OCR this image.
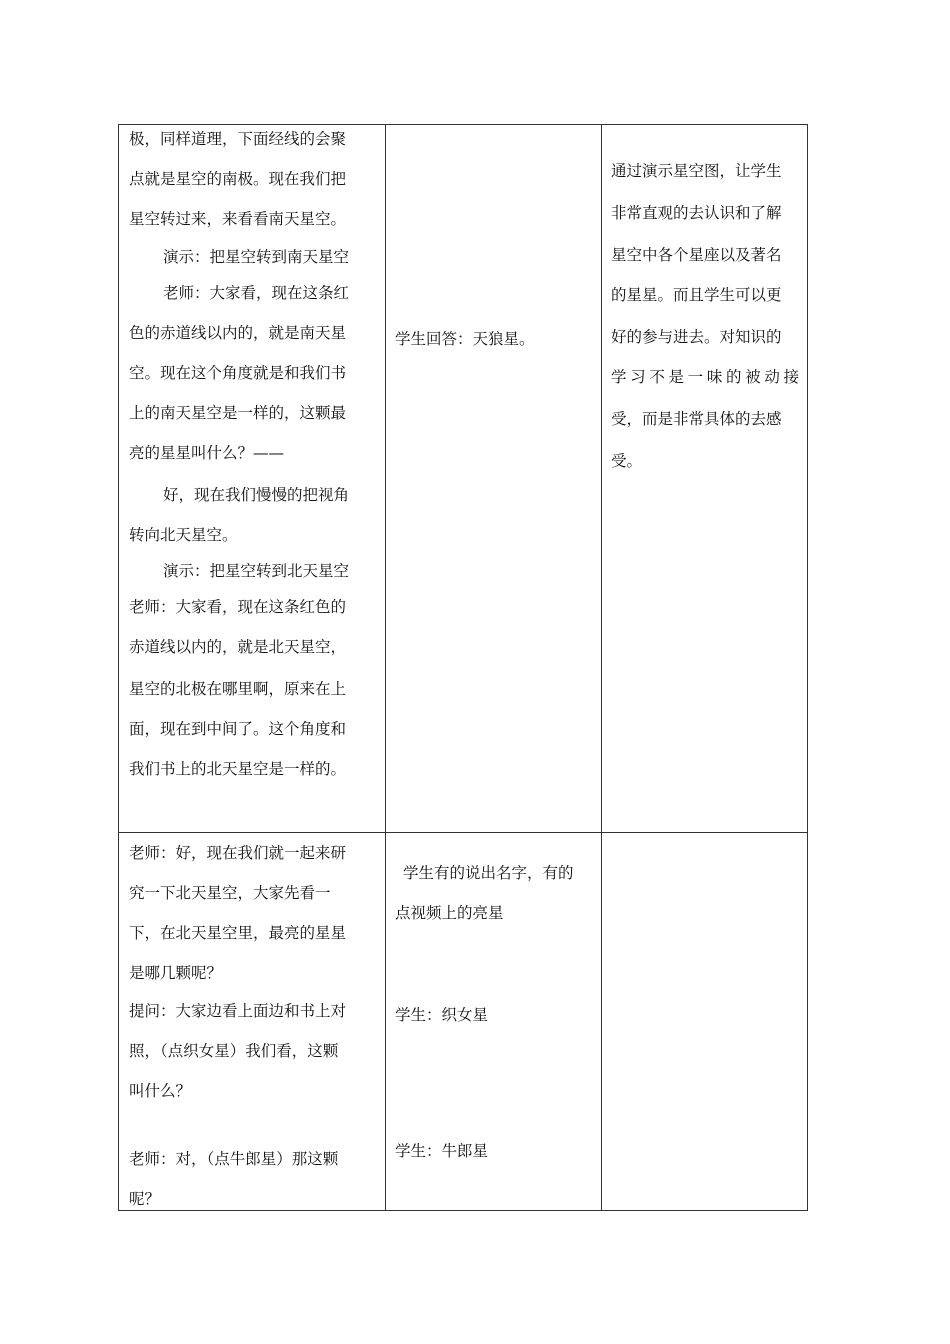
极，同样道理，下面经线的会聚
点就是星空的南极。现在我们把
星空转过来，来看看南天星空。
演示：把星空转到南天星空
老师：大家看，现在这条红
色的赤道线以内的，就是南天星
空。现在这个角度就是和我们书
上的南天星空是一样的，这颗最
亮的星星叫什么？——
好，现在我们慢慢的把视角
转向北天星空。
演示：把星空转到北天星空
老师：大家看，现在这条红色的
赤道线以内的，就是北天星空，
星空的北极在哪里啊，原来在上
面，现在到中间了。这个角度和
我们书上的北天星空是一样的。
学生回答：天狼星。
通过演示星空图，让学生
非常直观的去认识和了解
星空中各个星座以及著名
的星星。而且学生可以更
好的参与进去。对知识的
学习不是一味的被动接
受，而是非常具体的去感
受。
老师：好，现在我们就一起来研
究一下北天星空，大家先看一
下，在北天星空里，最亮的星星
是哪几颗呢？
提问：大家边看上面边和书上对
照，（点织女星）我们看，这颗
叫什么？
老师：对，（点牛郎星）那这颗
呢？
学生有的说出名字，有的
点视频上的亮星
学生：织女星
学生：牛郎星
